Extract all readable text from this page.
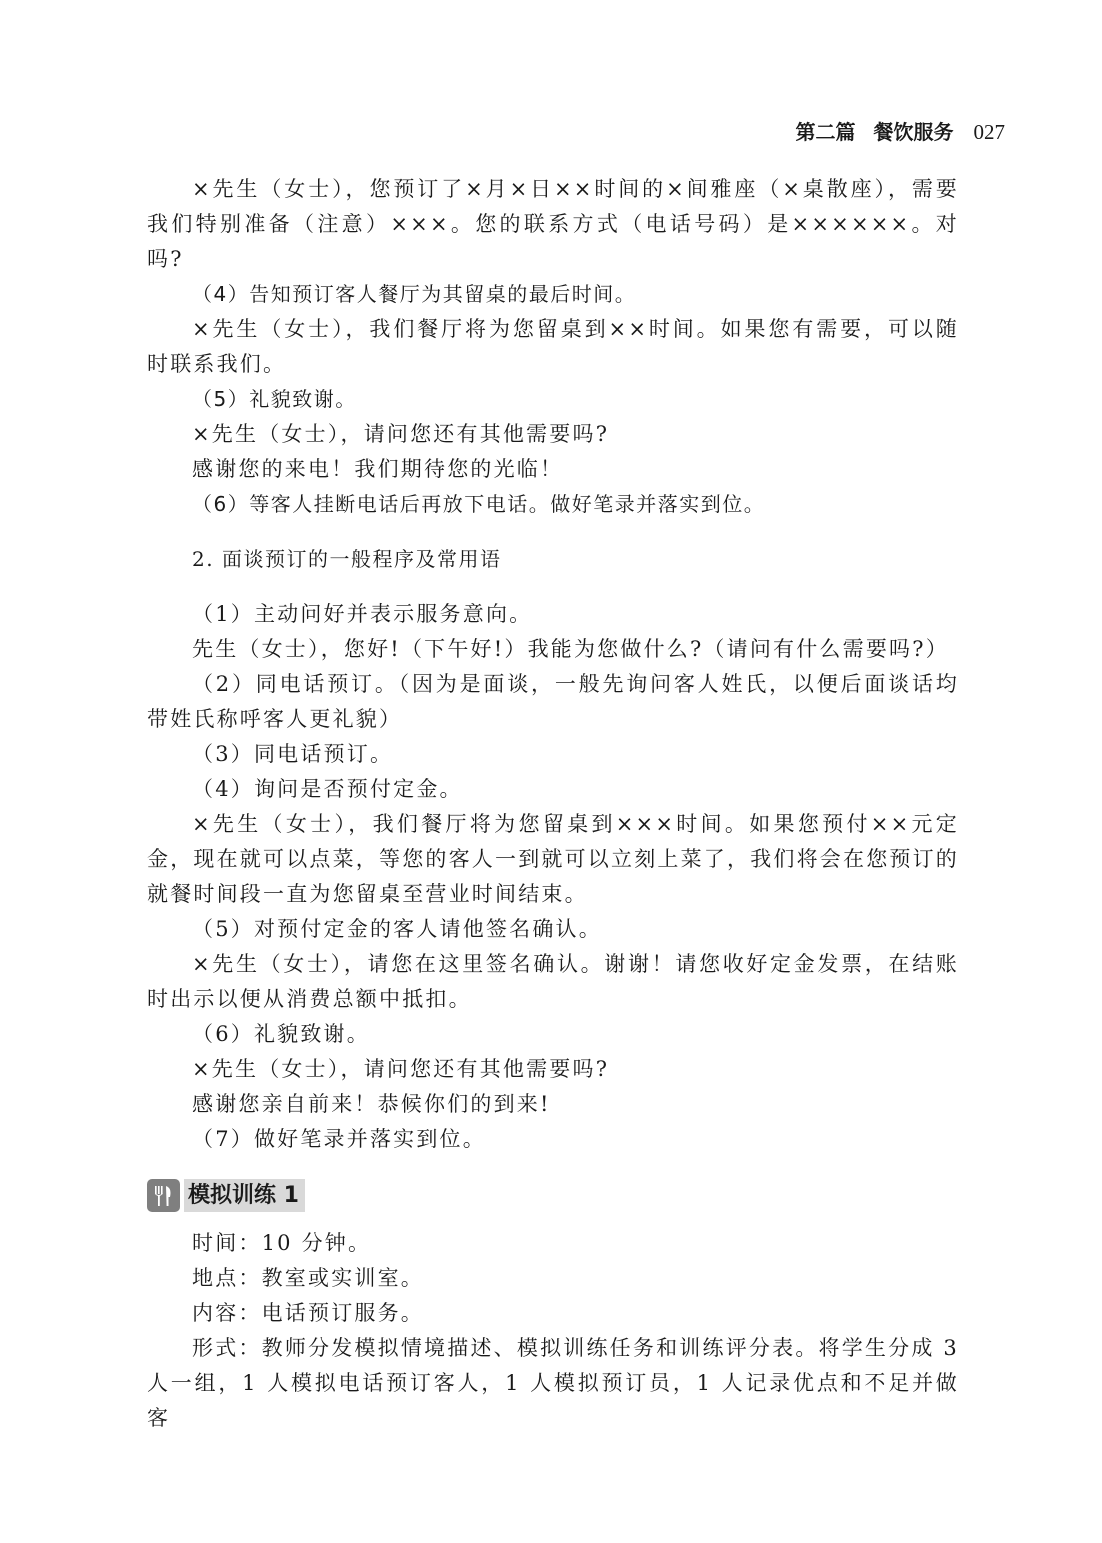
第二篇 餐饮服务 027

×先生（女士），您预订了×月×日××时间的×间雅座（×桌散座），需要我们特别准备（注意）×××。您的联系方式（电话号码）是××××××。对吗?

（4）告知预订客人餐厅为其留桌的最后时间。

×先生（女士），我们餐厅将为您留桌到××时间。如果您有需要，可以随时联系我们。

（5）礼貌致谢。

×先生（女士），请问您还有其他需要吗?

感谢您的来电！我们期待您的光临！

（6）等客人挂断电话后再放下电话。做好笔录并落实到位。

2. 面谈预订的一般程序及常用语

（1）主动问好并表示服务意向。

先生（女士），您好!（下午好!）我能为您做什么?（请问有什么需要吗?）

（2）同电话预订。（因为是面谈，一般先询问客人姓氏，以便后面谈话均带姓氏称呼客人更礼貌）

（3）同电话预订。

（4）询问是否预付定金。

×先生（女士），我们餐厅将为您留桌到×××时间。如果您预付××元定金，现在就可以点菜，等您的客人一到就可以立刻上菜了，我们将会在您预订的就餐时间段一直为您留桌至营业时间结束。

（5）对预付定金的客人请他签名确认。

×先生（女士），请您在这里签名确认。谢谢！请您收好定金发票，在结账时出示以便从消费总额中抵扣。

（6）礼貌致谢。

×先生（女士），请问您还有其他需要吗?

感谢您亲自前来！恭候你们的到来!

（7）做好笔录并落实到位。

模拟训练 1

时间：10 分钟。

地点：教室或实训室。

内容：电话预订服务。

形式：教师分发模拟情境描述、模拟训练任务和训练评分表。将学生分成 3 人一组，1 人模拟电话预订客人，1 人模拟预订员，1 人记录优点和不足并做客
